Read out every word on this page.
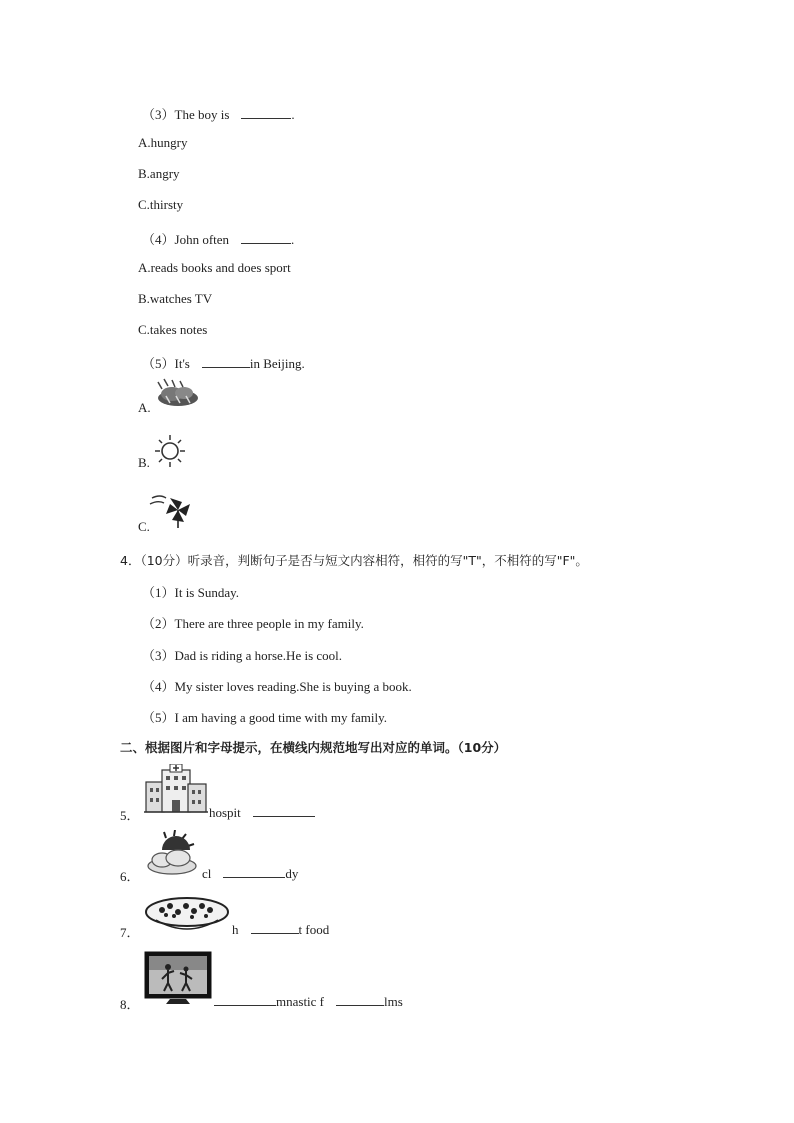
（3）The boy is	.
A.hungry
B.angry
C.thirsty
（4）John often	.
A.reads books and does sport
B.watches TV
C.takes notes
（5）It's	in Beijing.
A.
B.
C.
4．（10分）听录音，判断句子是否与短文内容相符，相符的写"T"，不相符的写"F"。
（1）It is Sunday.
（2）There are three people in my family.
（3）Dad is riding a horse.He is cool.
（4）My sister loves reading.She is buying a book.
（5）I am having a good time with my family.
二、根据图片和字母提示，在横线内规范地写出对应的单词。（10分）
5．	hospit
6．	cl	dy
7．	h	t food
8．	mnastic f	lms
